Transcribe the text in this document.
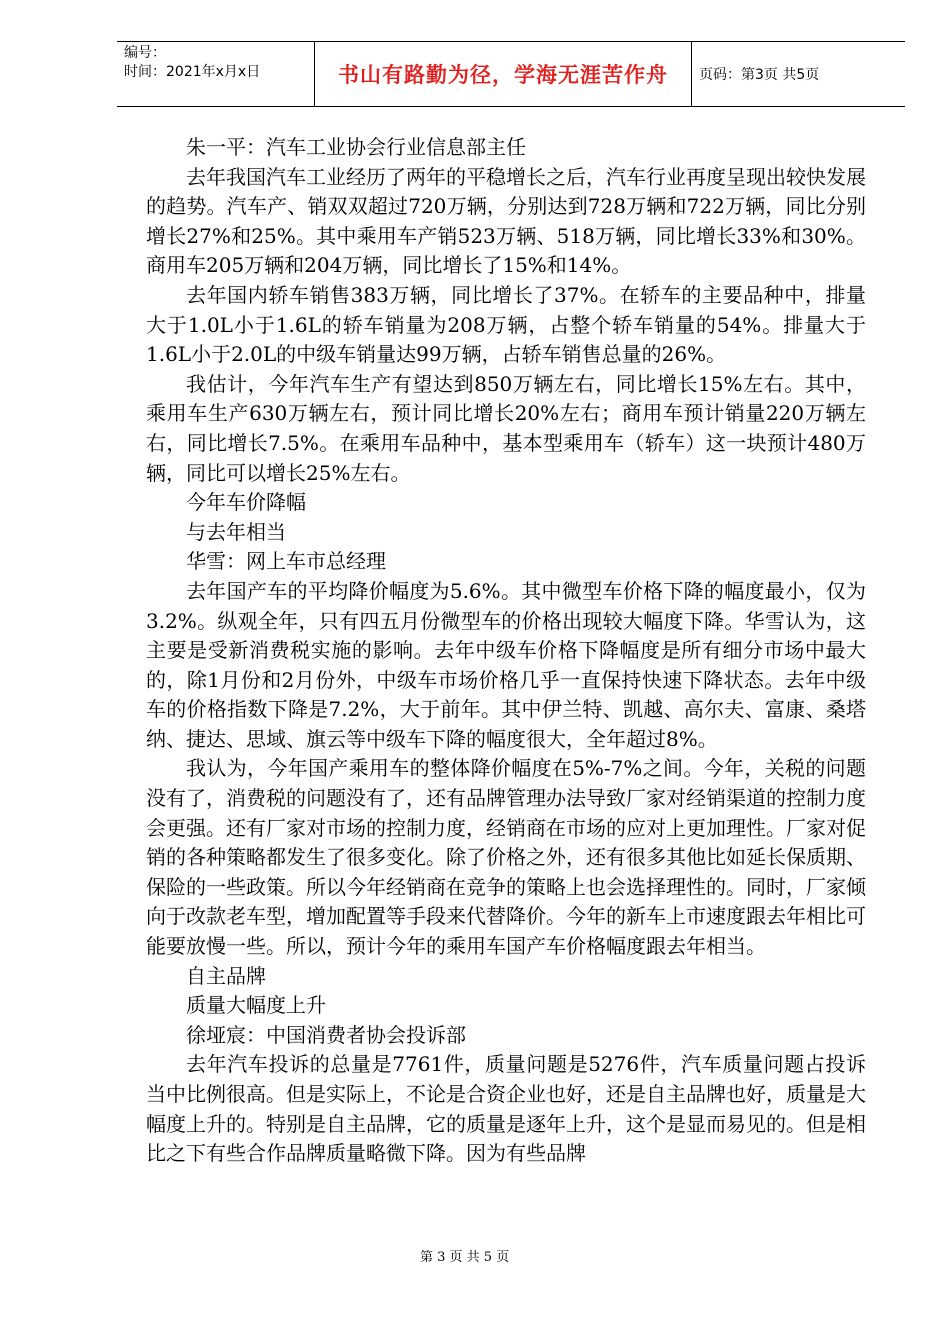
编号：
时间：2021年x月x日	书山有路勤为径，学海无涯苦作舟 页码：第3页 共5页

朱一平：汽车工业协会行业信息部主任

去年我国汽车工业经历了两年的平稳增长之后，汽车行业再度呈现出较快发展的趋势。汽车产、销双双超过720万辆，分别达到728万辆和722万辆，同比分别增长27%和25%。其中乘用车产销523万辆、518万辆，同比增长33%和30%。商用车205万辆和204万辆，同比增长了15%和14%。

去年国内轿车销售383万辆，同比增长了37%。在轿车的主要品种中，排量大于1.0L小于1.6L的轿车销量为208万辆，占整个轿车销量的54%。排量大于1.6L小于2.0L的中级车销量达99万辆，占轿车销售总量的26%。

我估计，今年汽车生产有望达到850万辆左右，同比增长15%左右。其中，乘用车生产630万辆左右，预计同比增长20%左右；商用车预计销量220万辆左右，同比增长7.5%。在乘用车品种中，基本型乘用车（轿车）这一块预计480万辆，同比可以增长25%左右。

今年车价降幅

与去年相当

华雪：网上车市总经理

去年国产车的平均降价幅度为5.6%。其中微型车价格下降的幅度最小，仅为3.2%。纵观全年，只有四五月份微型车的价格出现较大幅度下降。华雪认为，这主要是受新消费税实施的影响。去年中级车价格下降幅度是所有细分市场中最大的，除1月份和2月份外，中级车市场价格几乎一直保持快速下降状态。去年中级车的价格指数下降是7.2%，大于前年。其中伊兰特、凯越、高尔夫、富康、桑塔纳、捷达、思域、旗云等中级车下降的幅度很大，全年超过8%。

我认为，今年国产乘用车的整体降价幅度在5%-7%之间。今年，关税的问题没有了，消费税的问题没有了，还有品牌管理办法导致厂家对经销渠道的控制力度会更强。还有厂家对市场的控制力度，经销商在市场的应对上更加理性。厂家对促销的各种策略都发生了很多变化。除了价格之外，还有很多其他比如延长保质期、保险的一些政策。所以今年经销商在竞争的策略上也会选择理性的。同时，厂家倾向于改款老车型，增加配置等手段来代替降价。今年的新车上市速度跟去年相比可能要放慢一些。所以，预计今年的乘用车国产车价格幅度跟去年相当。

自主品牌

质量大幅度上升

徐垭宸：中国消费者协会投诉部

去年汽车投诉的总量是7761件，质量问题是5276件，汽车质量问题占投诉当中比例很高。但是实际上，不论是合资企业也好，还是自主品牌也好，质量是大幅度上升的。特别是自主品牌，它的质量是逐年上升，这个是显而易见的。但是相比之下有些合作品牌质量略微下降。因为有些品牌

第 3 页 共 5 页
